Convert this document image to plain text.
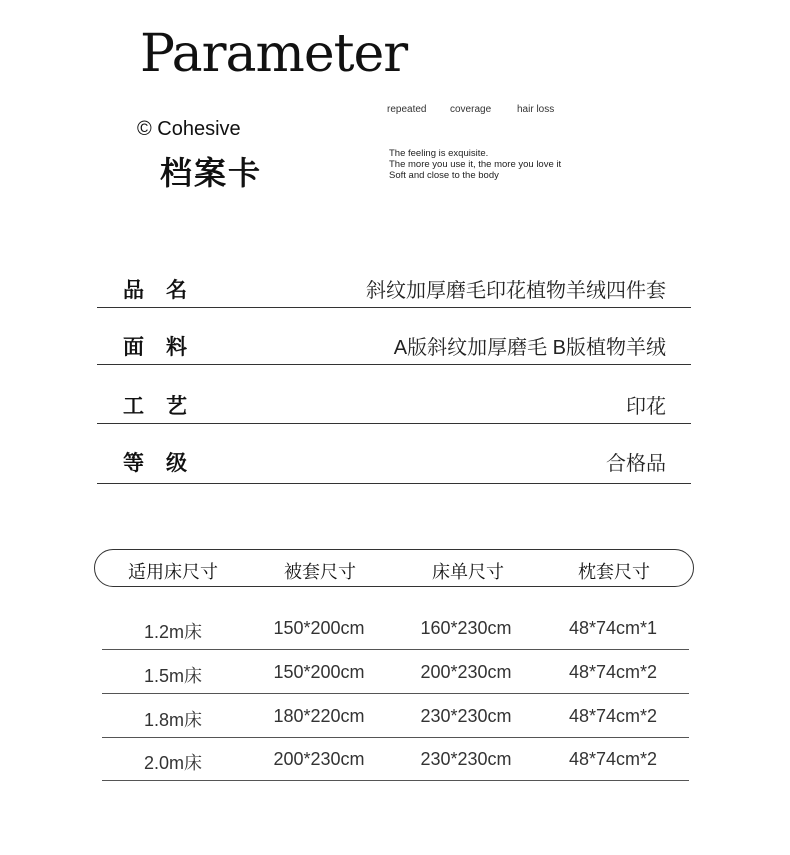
Parameter
© Cohesive
档案卡
repeated coverage	hair loss
The feeling is exquisite.
The more you use it, the more you love it
Soft and close to the body
品名	斜纹加厚磨毛印花植物羊绒四件套
面料	A版斜纹加厚磨毛 B版植物羊绒
工艺	印花
等级	合格品
适用床尺寸	被套尺寸	床单尺寸	枕套尺寸
1.2m床	150*200cm	160*230cm	48*74cm*1
1.5m床	150*200cm	200*230cm	48*74cm*2
1.8m床	180*220cm	230*230cm	48*74cm*2
2.0m床	200*230cm	230*230cm	48*74cm*2
